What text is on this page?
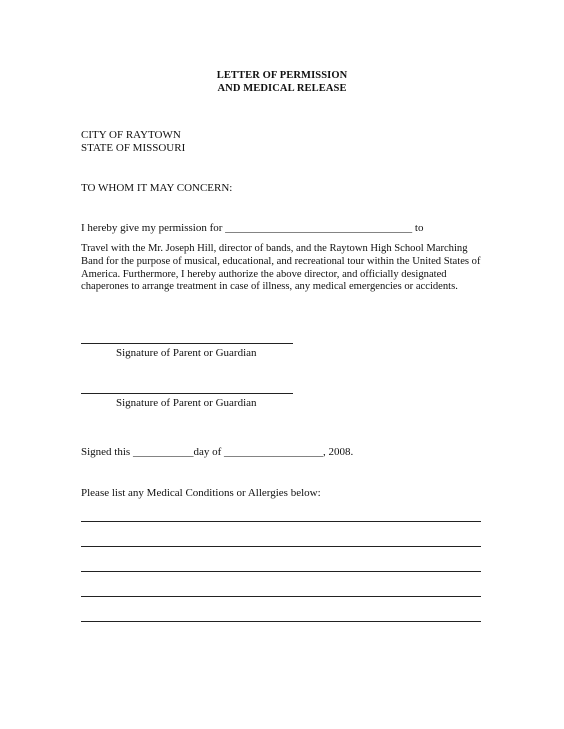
LETTER OF PERMISSION
AND MEDICAL RELEASE
CITY OF RAYTOWN
STATE OF MISSOURI
TO WHOM IT MAY CONCERN:
I hereby give my permission for __________________________________ to
Travel with the Mr. Joseph Hill, director of bands, and the Raytown High School Marching Band for the purpose of musical, educational, and recreational tour within the United States of America. Furthermore, I hereby authorize the above director, and officially designated chaperones to arrange treatment in case of illness, any medical emergencies or accidents.
Signature of Parent or Guardian
Signature of Parent or Guardian
Signed this ___________day of __________________, 2008.
Please list any Medical Conditions or Allergies below:
